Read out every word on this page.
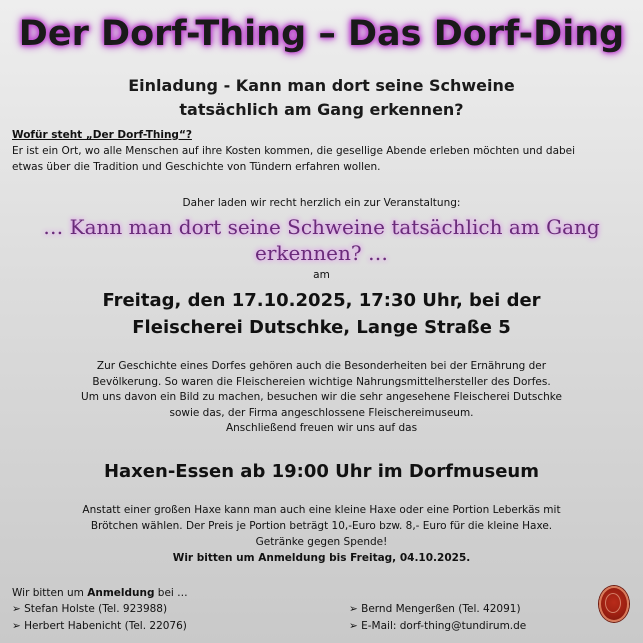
Der Dorf-Thing – Das Dorf-Ding
Einladung - Kann man dort seine Schweine
tatsächlich am Gang erkennen?
Wofür steht „Der Dorf-Thing“?
Er ist ein Ort, wo alle Menschen auf ihre Kosten kommen, die gesellige Abende erleben möchten und dabei
etwas über die Tradition und Geschichte von Tündern erfahren wollen.
Daher laden wir recht herzlich ein zur Veranstaltung:
… Kann man dort seine Schweine tatsächlich am Gang
erkennen? …
am
Freitag, den 17.10.2025, 17:30 Uhr, bei der
Fleischerei Dutschke, Lange Straße 5
Zur Geschichte eines Dorfes gehören auch die Besonderheiten bei der Ernährung der
Bevölkerung. So waren die Fleischereien wichtige Nahrungsmittelhersteller des Dorfes.
Um uns davon ein Bild zu machen, besuchen wir die sehr angesehene Fleischerei Dutschke
sowie das, der Firma angeschlossene Fleischereimuseum.
Anschließend freuen wir uns auf das
Haxen-Essen ab 19:00 Uhr im Dorfmuseum
Anstatt einer großen Haxe kann man auch eine kleine Haxe oder eine Portion Leberkäs mit
Brötchen wählen. Der Preis je Portion beträgt 10,-Euro bzw. 8,- Euro für die kleine Haxe.
Getränke gegen Spende!
Wir bitten um Anmeldung bis Freitag, 04.10.2025.
Wir bitten um Anmeldung bei …
➢ Stefan Holste (Tel. 923988)
➢ Herbert Habenicht (Tel. 22076)
➢ Bernd Mengerßen (Tel. 42091)
➢ E-Mail: dorf-thing@tundirum.de
